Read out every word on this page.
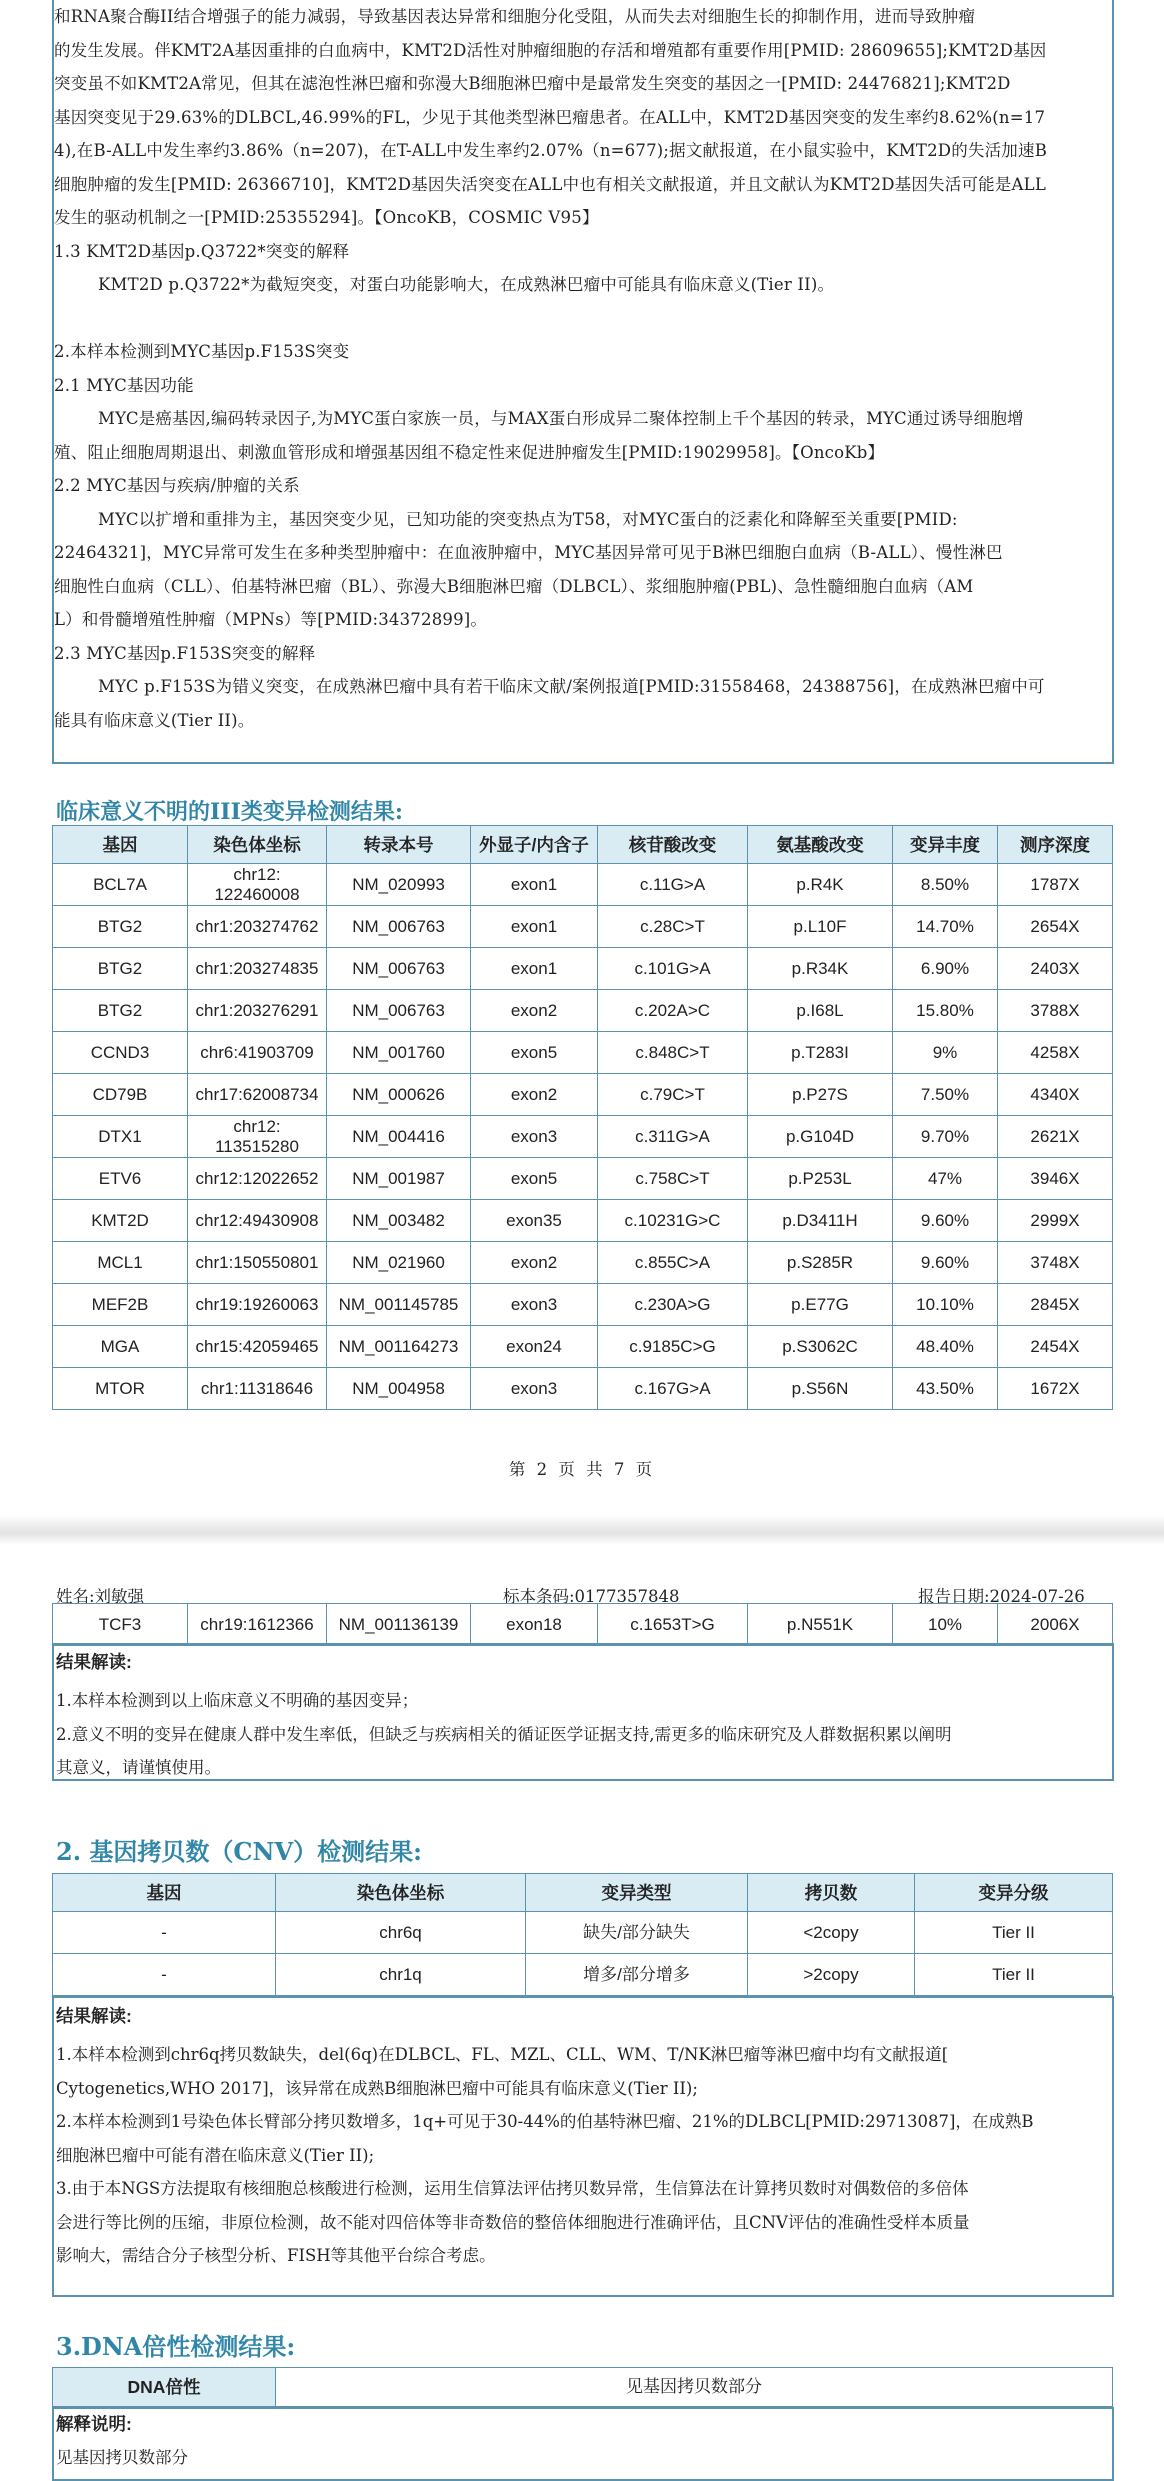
和RNA聚合酶II结合增强子的能力减弱，导致基因表达异常和细胞分化受阻，从而失去对细胞生长的抑制作用，进而导致肿瘤
的发生发展。伴KMT2A基因重排的白血病中，KMT2D活性对肿瘤细胞的存活和增殖都有重要作用[PMID: 28609655];KMT2D基因
突变虽不如KMT2A常见，但其在滤泡性淋巴瘤和弥漫大B细胞淋巴瘤中是最常发生突变的基因之一[PMID: 24476821];KMT2D
基因突变见于29.63%的DLBCL,46.99%的FL，少见于其他类型淋巴瘤患者。在ALL中，KMT2D基因突变的发生率约8.62%(n=17
4),在B-ALL中发生率约3.86%（n=207)，在T-ALL中发生率约2.07%（n=677);据文献报道，在小鼠实验中，KMT2D的失活加速B
细胞肿瘤的发生[PMID: 26366710]，KMT2D基因失活突变在ALL中也有相关文献报道，并且文献认为KMT2D基因失活可能是ALL
发生的驱动机制之一[PMID:25355294]。【OncoKB，COSMIC V95】
1.3 KMT2D基因p.Q3722*突变的解释
KMT2D p.Q3722*为截短突变，对蛋白功能影响大，在成熟淋巴瘤中可能具有临床意义(Tier II)。

2.本样本检测到MYC基因p.F153S突变
2.1 MYC基因功能
MYC是癌基因,编码转录因子,为MYC蛋白家族一员，与MAX蛋白形成异二聚体控制上千个基因的转录，MYC通过诱导细胞增
殖、阻止细胞周期退出、刺激血管形成和增强基因组不稳定性来促进肿瘤发生[PMID:19029958]。【OncoKb】
2.2 MYC基因与疾病/肿瘤的关系
MYC以扩增和重排为主，基因突变少见，已知功能的突变热点为T58，对MYC蛋白的泛素化和降解至关重要[PMID:
22464321]，MYC异常可发生在多种类型肿瘤中：在血液肿瘤中，MYC基因异常可见于B淋巴细胞白血病（B-ALL）、慢性淋巴
细胞性白血病（CLL）、伯基特淋巴瘤（BL）、弥漫大B细胞淋巴瘤（DLBCL）、浆细胞肿瘤(PBL)、急性髓细胞白血病（AM
L）和骨髓增殖性肿瘤（MPNs）等[PMID:34372899]。
2.3 MYC基因p.F153S突变的解释
MYC p.F153S为错义突变，在成熟淋巴瘤中具有若干临床文献/案例报道[PMID:31558468，24388756]，在成熟淋巴瘤中可
能具有临床意义(Tier II)。
临床意义不明的III类变异检测结果:
基因	染色体坐标	转录本号	外显子/内含子	核苷酸改变	氨基酸改变	变异丰度	测序深度
BCL7A	chr12:
122460008	NM_020993	exon1	c.11G>A	p.R4K	8.50%	1787X
BTG2	chr1:203274762	NM_006763	exon1	c.28C>T	p.L10F	14.70%	2654X
BTG2	chr1:203274835	NM_006763	exon1	c.101G>A	p.R34K	6.90%	2403X
BTG2	chr1:203276291	NM_006763	exon2	c.202A>C	p.I68L	15.80%	3788X
CCND3	chr6:41903709	NM_001760	exon5	c.848C>T	p.T283I	9%	4258X
CD79B	chr17:62008734	NM_000626	exon2	c.79C>T	p.P27S	7.50%	4340X
DTX1	chr12:
113515280	NM_004416	exon3	c.311G>A	p.G104D	9.70%	2621X
ETV6	chr12:12022652	NM_001987	exon5	c.758C>T	p.P253L	47%	3946X
KMT2D	chr12:49430908	NM_003482	exon35	c.10231G>C	p.D3411H	9.60%	2999X
MCL1	chr1:150550801	NM_021960	exon2	c.855C>A	p.S285R	9.60%	3748X
MEF2B	chr19:19260063	NM_001145785	exon3	c.230A>G	p.E77G	10.10%	2845X
MGA	chr15:42059465	NM_001164273	exon24	c.9185C>G	p.S3062C	48.40%	2454X
MTOR	chr1:11318646	NM_004958	exon3	c.167G>A	p.S56N	43.50%	1672X
第 2 页 共 7 页
姓名:刘敏强	标本条码:0177357848	报告日期:2024-07-26
TCF3	chr19:1612366	NM_001136139	exon18	c.1653T>G	p.N551K	10%	2006X
结果解读:
1.本样本检测到以上临床意义不明确的基因变异；
2.意义不明的变异在健康人群中发生率低，但缺乏与疾病相关的循证医学证据支持,需更多的临床研究及人群数据积累以阐明
其意义，请谨慎使用。
2. 基因拷贝数（CNV）检测结果:
基因	染色体坐标	变异类型	拷贝数	变异分级
-	chr6q	缺失/部分缺失	<2copy	Tier II
-	chr1q	增多/部分增多	>2copy	Tier II
结果解读:
1.本样本检测到chr6q拷贝数缺失，del(6q)在DLBCL、FL、MZL、CLL、WM、T/NK淋巴瘤等淋巴瘤中均有文献报道[
Cytogenetics,WHO 2017]，该异常在成熟B细胞淋巴瘤中可能具有临床意义(Tier II);
2.本样本检测到1号染色体长臂部分拷贝数增多，1q+可见于30-44%的伯基特淋巴瘤、21%的DLBCL[PMID:29713087]，在成熟B
细胞淋巴瘤中可能有潜在临床意义(Tier II);
3.由于本NGS方法提取有核细胞总核酸进行检测，运用生信算法评估拷贝数异常，生信算法在计算拷贝数时对偶数倍的多倍体
会进行等比例的压缩，非原位检测，故不能对四倍体等非奇数倍的整倍体细胞进行准确评估，且CNV评估的准确性受样本质量
影响大，需结合分子核型分析、FISH等其他平台综合考虑。
3.DNA倍性检测结果:
DNA倍性	见基因拷贝数部分
解释说明:
见基因拷贝数部分
